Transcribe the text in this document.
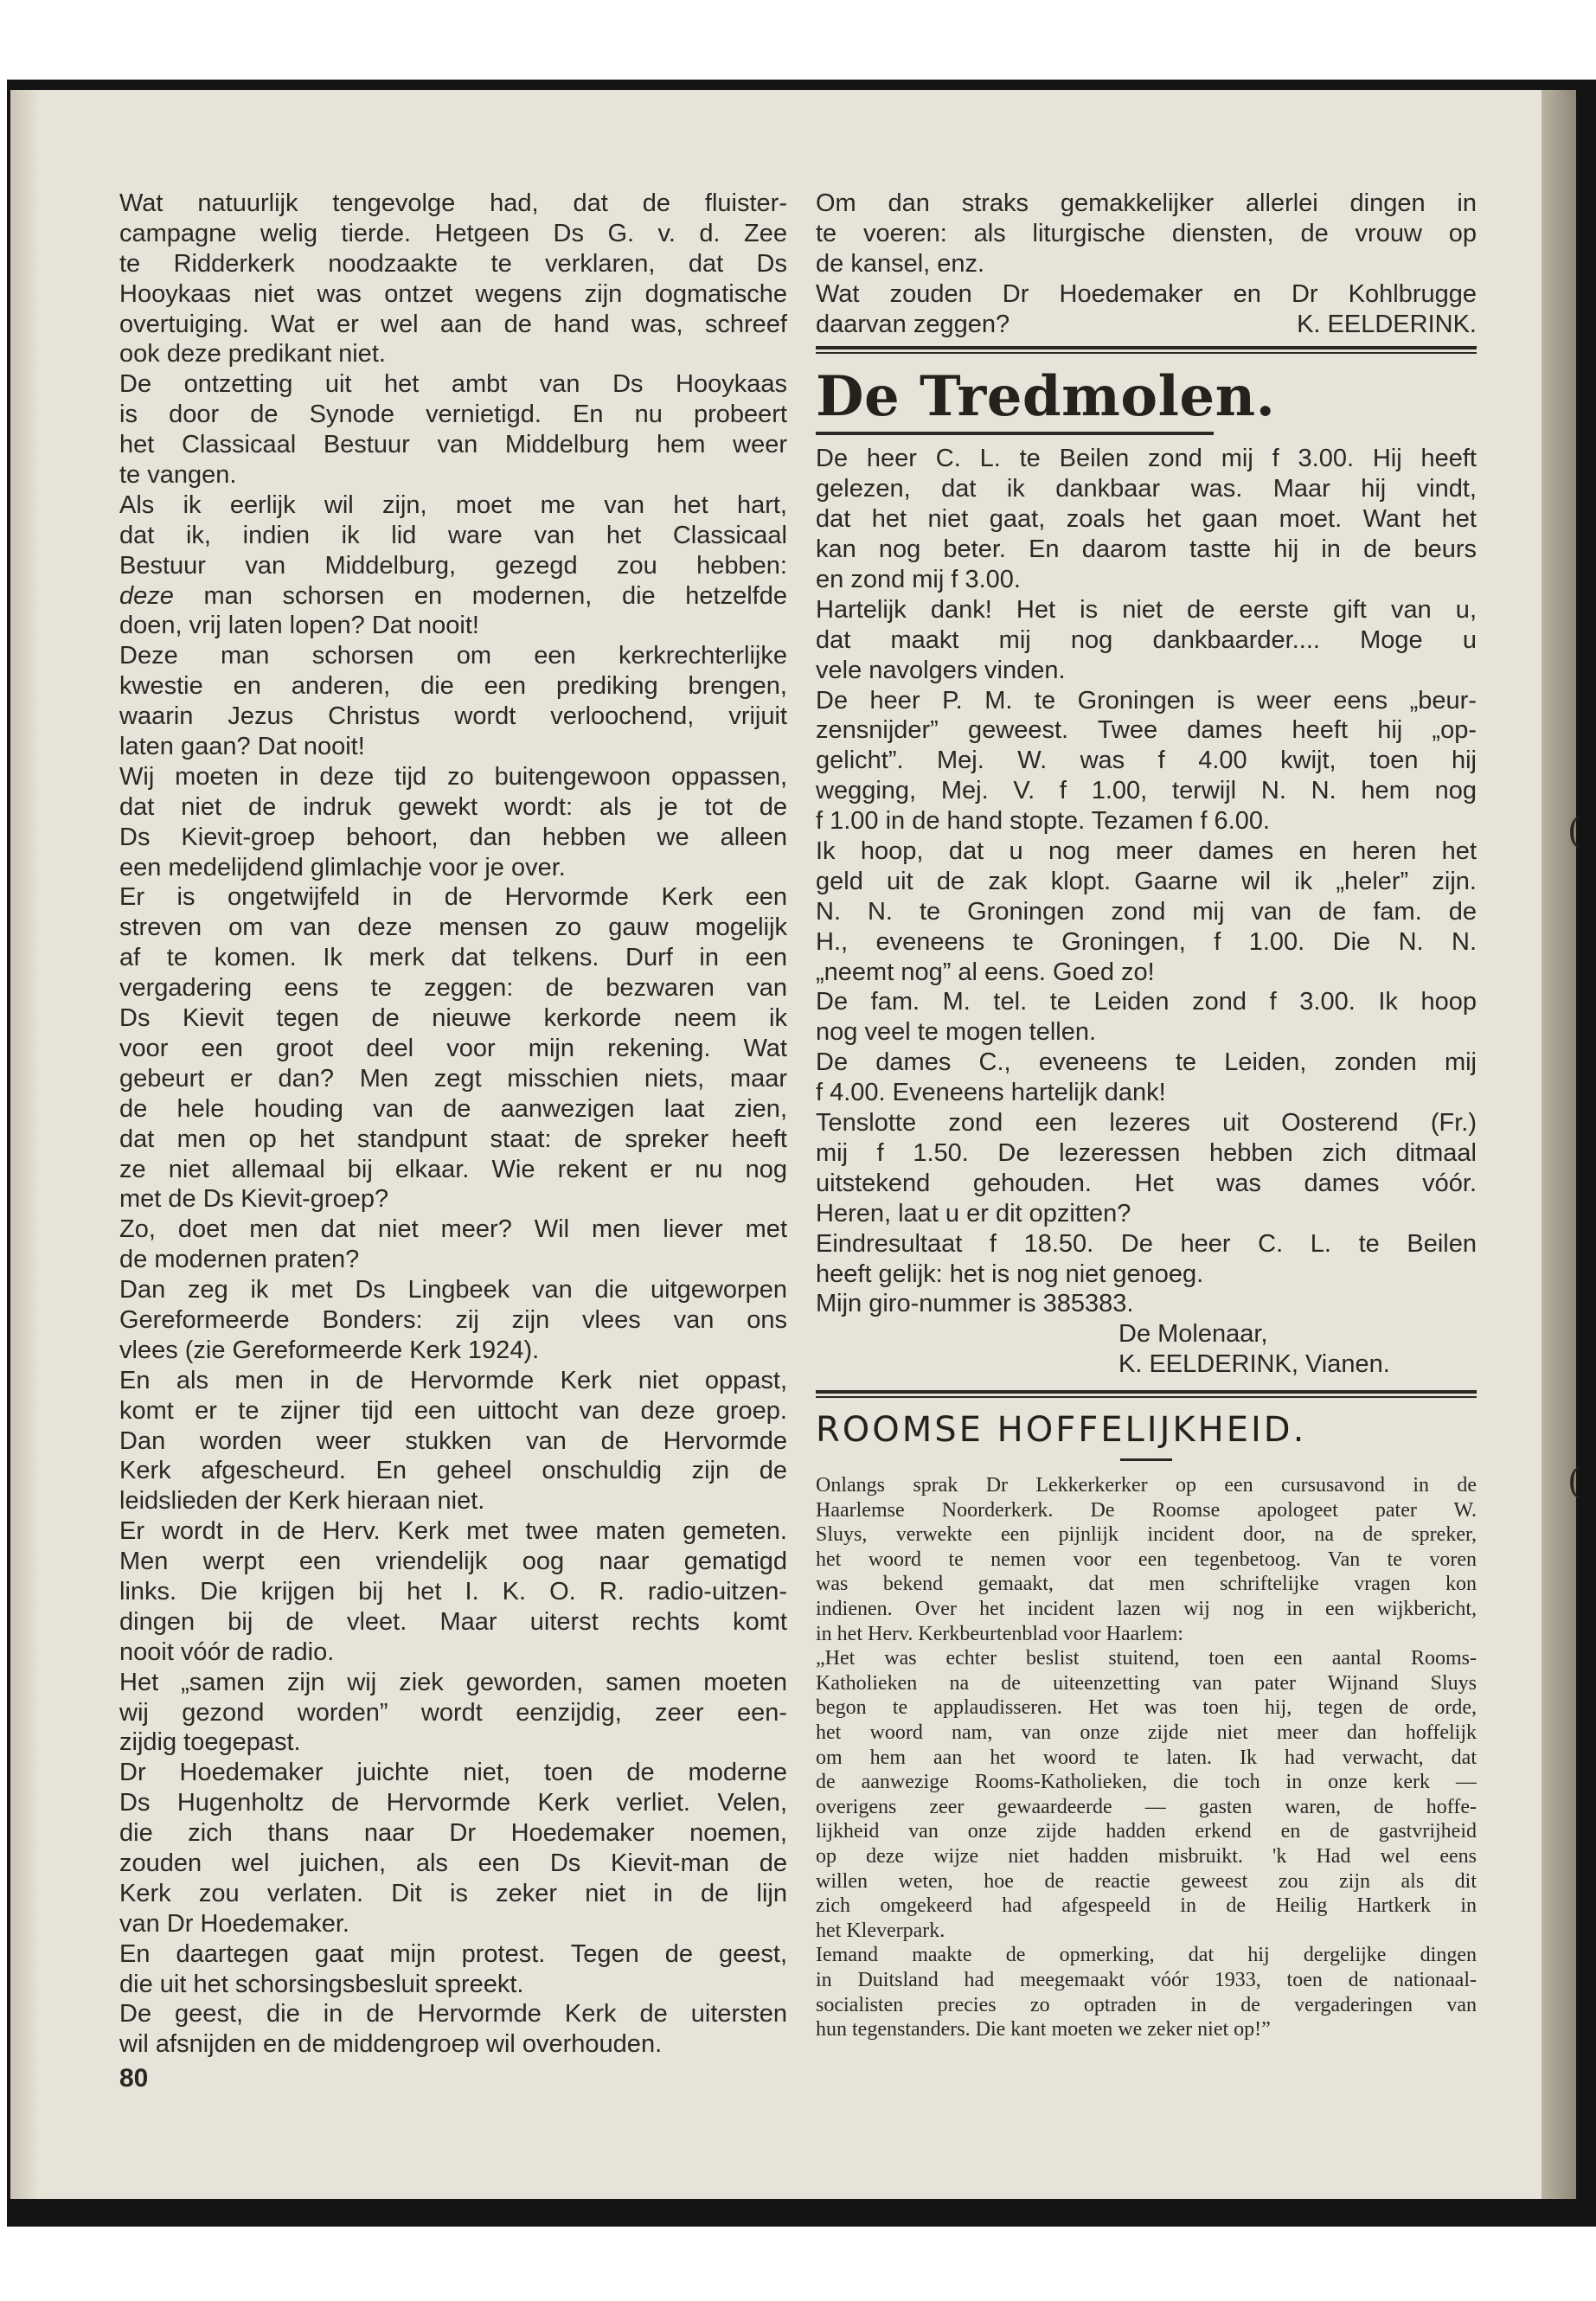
(
(
Wat natuurlijk tengevolge had, dat de fluister-
campagne welig tierde. Hetgeen Ds G. v. d. Zee
te Ridderkerk noodzaakte te verklaren, dat Ds
Hooykaas niet was ontzet wegens zijn dogmatische
overtuiging. Wat er wel aan de hand was, schreef
ook deze predikant niet.
De ontzetting uit het ambt van Ds Hooykaas
is door de Synode vernietigd. En nu probeert
het Classicaal Bestuur van Middelburg hem weer
te vangen.
Als ik eerlijk wil zijn, moet me van het hart,
dat ik, indien ik lid ware van het Classicaal
Bestuur van Middelburg, gezegd zou hebben:
deze man schorsen en modernen, die hetzelfde
doen, vrij laten lopen? Dat nooit!
Deze man schorsen om een kerkrechterlijke
kwestie en anderen, die een prediking brengen,
waarin Jezus Christus wordt verloochend, vrijuit
laten gaan? Dat nooit!
Wij moeten in deze tijd zo buitengewoon oppassen,
dat niet de indruk gewekt wordt: als je tot de
Ds Kievit-groep behoort, dan hebben we alleen
een medelijdend glimlachje voor je over.
Er is ongetwijfeld in de Hervormde Kerk een
streven om van deze mensen zo gauw mogelijk
af te komen. Ik merk dat telkens. Durf in een
vergadering eens te zeggen: de bezwaren van
Ds Kievit tegen de nieuwe kerkorde neem ik
voor een groot deel voor mijn rekening. Wat
gebeurt er dan? Men zegt misschien niets, maar
de hele houding van de aanwezigen laat zien,
dat men op het standpunt staat: de spreker heeft
ze niet allemaal bij elkaar. Wie rekent er nu nog
met de Ds Kievit-groep?
Zo, doet men dat niet meer? Wil men liever met
de modernen praten?
Dan zeg ik met Ds Lingbeek van die uitgeworpen
Gereformeerde Bonders: zij zijn vlees van ons
vlees (zie Gereformeerde Kerk 1924).
En als men in de Hervormde Kerk niet oppast,
komt er te zijner tijd een uittocht van deze groep.
Dan worden weer stukken van de Hervormde
Kerk afgescheurd. En geheel onschuldig zijn de
leidslieden der Kerk hieraan niet.
Er wordt in de Herv. Kerk met twee maten gemeten.
Men werpt een vriendelijk oog naar gematigd
links. Die krijgen bij het I. K. O. R. radio-uitzen-
dingen bij de vleet. Maar uiterst rechts komt
nooit vóór de radio.
Het „samen zijn wij ziek geworden, samen moeten
wij gezond worden” wordt eenzijdig, zeer een-
zijdig toegepast.
Dr Hoedemaker juichte niet, toen de moderne
Ds Hugenholtz de Hervormde Kerk verliet. Velen,
die zich thans naar Dr Hoedemaker noemen,
zouden wel juichen, als een Ds Kievit-man de
Kerk zou verlaten. Dit is zeker niet in de lijn
van Dr Hoedemaker.
En daartegen gaat mijn protest. Tegen de geest,
die uit het schorsingsbesluit spreekt.
De geest, die in de Hervormde Kerk de uitersten
wil afsnijden en de middengroep wil overhouden.
80
Om dan straks gemakkelijker allerlei dingen in
te voeren: als liturgische diensten, de vrouw op
de kansel, enz.
Wat zouden Dr Hoedemaker en Dr Kohlbrugge
daarvan zeggen?	K. EELDERINK.
De Tredmolen.
De heer C. L. te Beilen zond mij f 3.00. Hij heeft
gelezen, dat ik dankbaar was. Maar hij vindt,
dat het niet gaat, zoals het gaan moet. Want het
kan nog beter. En daarom tastte hij in de beurs
en zond mij f 3.00.
Hartelijk dank! Het is niet de eerste gift van u,
dat maakt mij nog dankbaarder.... Moge u
vele navolgers vinden.
De heer P. M. te Groningen is weer eens „beur-
zensnijder” geweest. Twee dames heeft hij „op-
gelicht”. Mej. W. was f 4.00 kwijt, toen hij
wegging, Mej. V. f 1.00, terwijl N. N. hem nog
f 1.00 in de hand stopte. Tezamen f 6.00.
Ik hoop, dat u nog meer dames en heren het
geld uit de zak klopt. Gaarne wil ik „heler” zijn.
N. N. te Groningen zond mij van de fam. de
H., eveneens te Groningen, f 1.00. Die N. N.
„neemt nog” al eens. Goed zo!
De fam. M. tel. te Leiden zond f 3.00. Ik hoop
nog veel te mogen tellen.
De dames C., eveneens te Leiden, zonden mij
f 4.00. Eveneens hartelijk dank!
Tenslotte zond een lezeres uit Oosterend (Fr.)
mij f 1.50. De lezeressen hebben zich ditmaal
uitstekend gehouden. Het was dames vóór.
Heren, laat u er dit opzitten?
Eindresultaat f 18.50. De heer C. L. te Beilen
heeft gelijk: het is nog niet genoeg.
Mijn giro-nummer is 385383.
De Molenaar,
K. EELDERINK, Vianen.
ROOMSE HOFFELIJKHEID.
Onlangs sprak Dr Lekkerkerker op een cursusavond in de
Haarlemse Noorderkerk. De Roomse apologeet pater W.
Sluys, verwekte een pijnlijk incident door, na de spreker,
het woord te nemen voor een tegenbetoog. Van te voren
was bekend gemaakt, dat men schriftelijke vragen kon
indienen. Over het incident lazen wij nog in een wijkbericht,
in het Herv. Kerkbeurtenblad voor Haarlem:
„Het was echter beslist stuitend, toen een aantal Rooms-
Katholieken na de uiteenzetting van pater Wijnand Sluys
begon te applaudisseren. Het was toen hij, tegen de orde,
het woord nam, van onze zijde niet meer dan hoffelijk
om hem aan het woord te laten. Ik had verwacht, dat
de aanwezige Rooms-Katholieken, die toch in onze kerk —
overigens zeer gewaardeerde — gasten waren, de hoffe-
lijkheid van onze zijde hadden erkend en de gastvrijheid
op deze wijze niet hadden misbruikt. 'k Had wel eens
willen weten, hoe de reactie geweest zou zijn als dit
zich omgekeerd had afgespeeld in de Heilig Hartkerk in
het Kleverpark.
Iemand maakte de opmerking, dat hij dergelijke dingen
in Duitsland had meegemaakt vóór 1933, toen de nationaal-
socialisten precies zo optraden in de vergaderingen van
hun tegenstanders. Die kant moeten we zeker niet op!”
